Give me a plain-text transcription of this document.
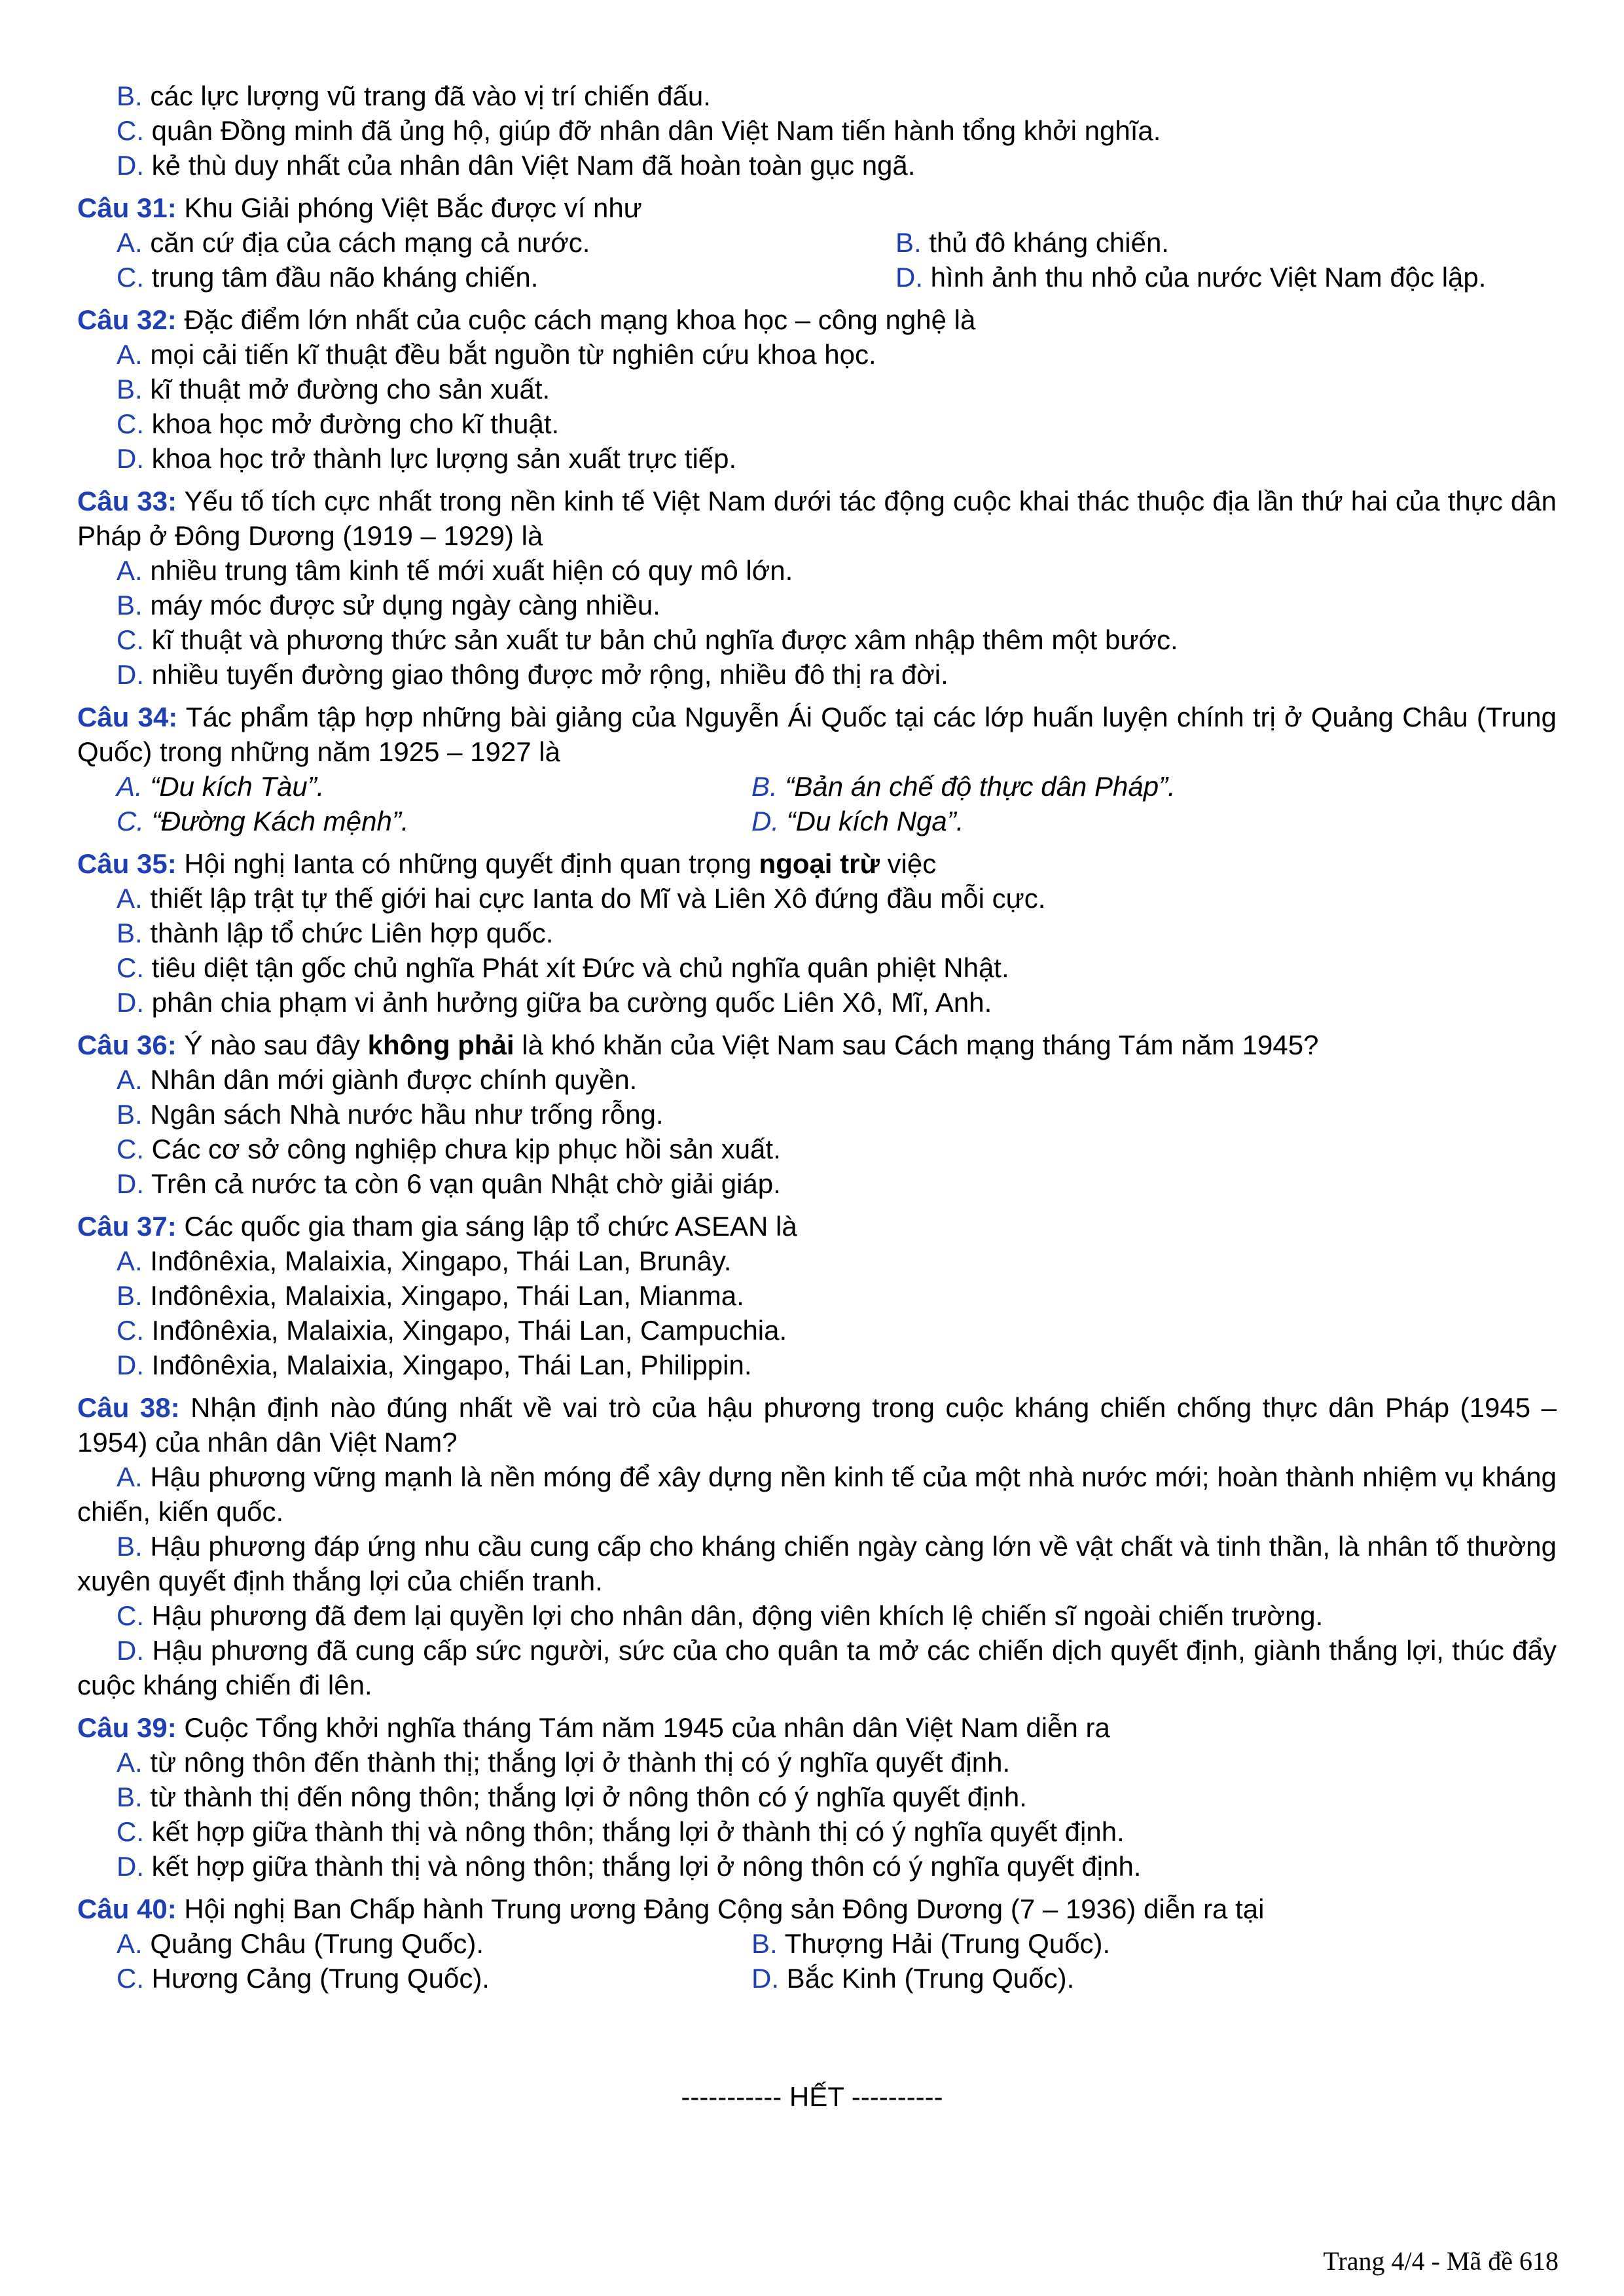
B. các lực lượng vũ trang đã vào vị trí chiến đấu.
C. quân Đồng minh đã ủng hộ, giúp đỡ nhân dân Việt Nam tiến hành tổng khởi nghĩa.
D. kẻ thù duy nhất của nhân dân Việt Nam đã hoàn toàn gục ngã.
Câu 31: Khu Giải phóng Việt Bắc được ví như
A. căn cứ địa của cách mạng cả nước.	B. thủ đô kháng chiến.
C. trung tâm đầu não kháng chiến.	D. hình ảnh thu nhỏ của nước Việt Nam độc lập.
Câu 32: Đặc điểm lớn nhất của cuộc cách mạng khoa học – công nghệ là
A. mọi cải tiến kĩ thuật đều bắt nguồn từ nghiên cứu khoa học.
B. kĩ thuật mở đường cho sản xuất.
C. khoa học mở đường cho kĩ thuật.
D. khoa học trở thành lực lượng sản xuất trực tiếp.
Câu 33: Yếu tố tích cực nhất trong nền kinh tế Việt Nam dưới tác động cuộc khai thác thuộc địa lần thứ hai của thực dân Pháp ở Đông Dương (1919 – 1929) là
A. nhiều trung tâm kinh tế mới xuất hiện có quy mô lớn.
B. máy móc được sử dụng ngày càng nhiều.
C. kĩ thuật và phương thức sản xuất tư bản chủ nghĩa được xâm nhập thêm một bước.
D. nhiều tuyến đường giao thông được mở rộng, nhiều đô thị ra đời.
Câu 34: Tác phẩm tập hợp những bài giảng của Nguyễn Ái Quốc tại các lớp huấn luyện chính trị ở Quảng Châu (Trung Quốc) trong những năm 1925 – 1927 là
A. “Du kích Tàu”.	B. “Bản án chế độ thực dân Pháp”.
C. “Đường Kách mệnh”.	D. “Du kích Nga”.
Câu 35: Hội nghị Ianta có những quyết định quan trọng ngoại trừ việc
A. thiết lập trật tự thế giới hai cực Ianta do Mĩ và Liên Xô đứng đầu mỗi cực.
B. thành lập tổ chức Liên hợp quốc.
C. tiêu diệt tận gốc chủ nghĩa Phát xít Đức và chủ nghĩa quân phiệt Nhật.
D. phân chia phạm vi ảnh hưởng giữa ba cường quốc Liên Xô, Mĩ, Anh.
Câu 36: Ý nào sau đây không phải là khó khăn của Việt Nam sau Cách mạng tháng Tám năm 1945?
A. Nhân dân mới giành được chính quyền.
B. Ngân sách Nhà nước hầu như trống rỗng.
C. Các cơ sở công nghiệp chưa kịp phục hồi sản xuất.
D. Trên cả nước ta còn 6 vạn quân Nhật chờ giải giáp.
Câu 37: Các quốc gia tham gia sáng lập tổ chức ASEAN là
A. Inđônêxia, Malaixia, Xingapo, Thái Lan, Brunây.
B. Inđônêxia, Malaixia, Xingapo, Thái Lan, Mianma.
C. Inđônêxia, Malaixia, Xingapo, Thái Lan, Campuchia.
D. Inđônêxia, Malaixia, Xingapo, Thái Lan, Philippin.
Câu 38: Nhận định nào đúng nhất về vai trò của hậu phương trong cuộc kháng chiến chống thực dân Pháp (1945 – 1954) của nhân dân Việt Nam?
A. Hậu phương vững mạnh là nền móng để xây dựng nền kinh tế của một nhà nước mới; hoàn thành nhiệm vụ kháng chiến, kiến quốc.
B. Hậu phương đáp ứng nhu cầu cung cấp cho kháng chiến ngày càng lớn về vật chất và tinh thần, là nhân tố thường xuyên quyết định thắng lợi của chiến tranh.
C. Hậu phương đã đem lại quyền lợi cho nhân dân, động viên khích lệ chiến sĩ ngoài chiến trường.
D. Hậu phương đã cung cấp sức người, sức của cho quân ta mở các chiến dịch quyết định, giành thắng lợi, thúc đẩy cuộc kháng chiến đi lên.
Câu 39: Cuộc Tổng khởi nghĩa tháng Tám năm 1945 của nhân dân Việt Nam diễn ra
A. từ nông thôn đến thành thị; thắng lợi ở thành thị có ý nghĩa quyết định.
B. từ thành thị đến nông thôn; thắng lợi ở nông thôn có ý nghĩa quyết định.
C. kết hợp giữa thành thị và nông thôn; thắng lợi ở thành thị có ý nghĩa quyết định.
D. kết hợp giữa thành thị và nông thôn; thắng lợi ở nông thôn có ý nghĩa quyết định.
Câu 40: Hội nghị Ban Chấp hành Trung ương Đảng Cộng sản Đông Dương (7 – 1936) diễn ra tại
A. Quảng Châu (Trung Quốc).	B. Thượng Hải (Trung Quốc).
C. Hương Cảng (Trung Quốc).	D. Bắc Kinh (Trung Quốc).
----------- HẾT ----------
Trang 4/4 - Mã đề 618
